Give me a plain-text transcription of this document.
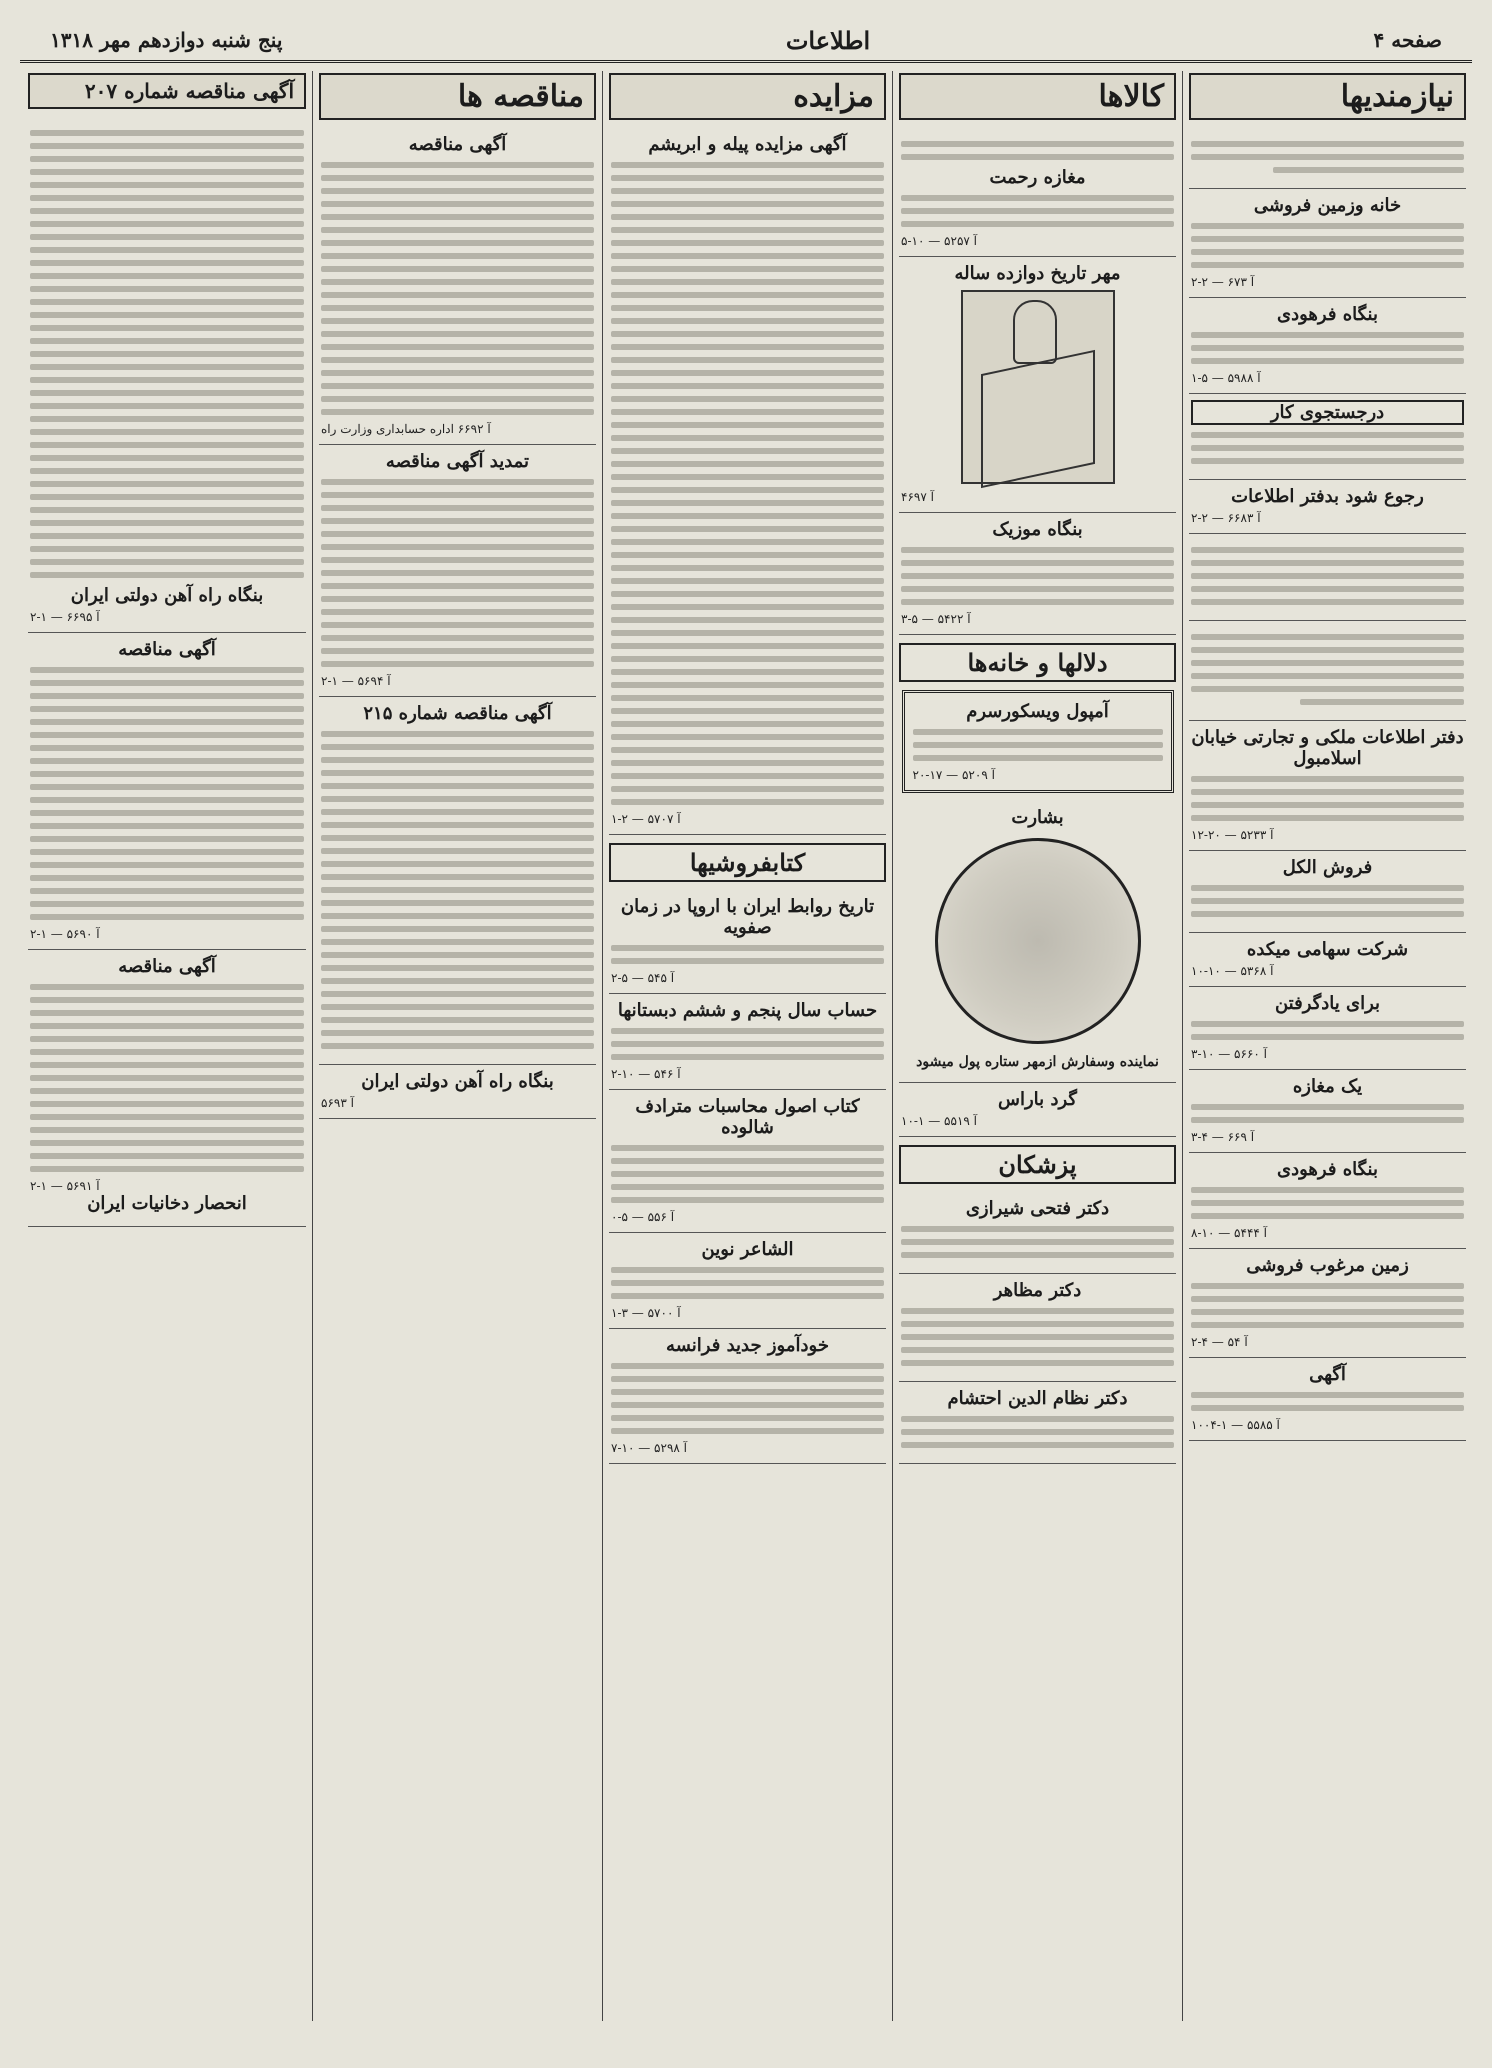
صفحه ۴
اطلاعات
پنج شنبه دوازدهم مهر ۱۳۱۸
نیازمندیها
خانه وزمین فروشی
آ ۶۷۳ — ۲-۲
بنگاه فرهودی
آ ۵۹۸۸ — ۵-۱
درجستجوی کار
رجوع شود بدفتر اطلاعات
آ ۶۶۸۳ — ۲-۲
دفتر اطلاعات ملکی و تجارتی خیابان اسلامبول
آ ۵۲۳۳ — ۲۰-۱۲
فروش الکل
شرکت سهامی میکده
آ ۵۳۶۸ — ۱۰-۱۰
برای یادگرفتن
آ ۵۶۶۰ — ۱۰-۳
یک مغازه
آ ۶۶۹ — ۴-۳
بنگاه فرهودی
آ ۵۴۴۴ — ۱۰-۸
زمین مرغوب فروشی
آ ۵۴ — ۴-۲
آگهی
آ ۵۵۸۵ — ۱-۱۰۰۴
کالاها
مغازه رحمت
آ ۵۲۵۷ — ۱۰-۵
مهر تاریخ دوازده ساله
آ ۴۶۹۷
بنگاه موزیک
آ ۵۴۲۲ — ۵-۳
دلالها و خانه‌ها
آمپول ویسکورسرم
آ ۵۲۰۹ — ۱۷-۲۰
بشارت
نماینده وسفارش ازمهر ستاره پول میشود
گرد باراس
آ ۵۵۱۹ — ۱-۱۰
پزشکان
دکتر فتحی شیرازی
دکتر مظاهر
دکتر نظام الدین احتشام
مزایده
آگهی مزایده پیله و ابریشم
آ ۵۷۰۷ — ۲-۱
کتابفروشیها
تاریخ روابط ایران با اروپا در زمان صفویه
آ ۵۴۵ — ۵-۲
حساب سال پنجم و ششم دبستانها
آ ۵۴۶ — ۱۰-۲
کتاب اصول محاسبات مترادف شالوده
آ ۵۵۶ — ۵-۰
الشاعر نوین
آ ۵۷۰۰ — ۳-۱
خودآموز جدید فرانسه
آ ۵۲۹۸ — ۱۰-۷
مناقصه ها
آگهی مناقصه
آ ۶۶۹۲ اداره حسابداری وزارت راه
تمدید آگهی مناقصه
آ ۵۶۹۴ — ۱-۲
آگهی مناقصه شماره ۲۱۵
بنگاه راه آهن دولتی ایران
آ ۵۶۹۳
آگهی مناقصه شماره ۲۰۷
بنگاه راه آهن دولتی ایران
آ ۶۶۹۵ — ۱-۲
آگهی مناقصه
آ ۵۶۹۰ — ۱-۲
آگهی مناقصه
آ ۵۶۹۱ — ۱-۲
انحصار دخانیات ایران
